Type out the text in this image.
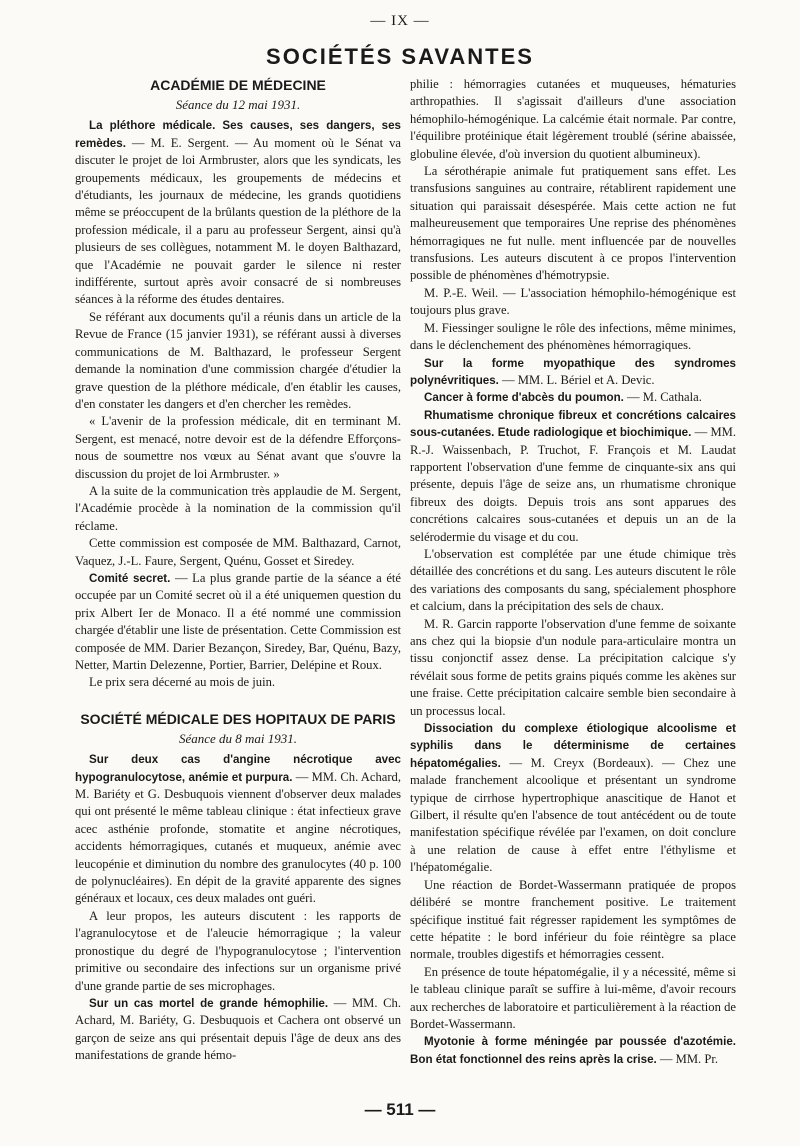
— IX —
SOCIÉTÉS SAVANTES
ACADÉMIE DE MÉDECINE
Séance du 12 mai 1931.

La pléthore médicale. Ses causes, ses dangers, ses remèdes. — M. E. Sergent. — Au moment où le Sénat va discuter le projet de loi Armbruster, alors que les syndicats, les groupements médicaux, les groupements de médecins et d'étudiants, les journaux de médecine, les grands quotidiens même se préoccupent de la brûlants question de la pléthore de la profession médicale, il a paru au professeur Sergent, ainsi qu'à plusieurs de ses collègues, notamment M. le doyen Balthazard, que l'Académie ne pouvait garder le silence ni rester indifférente, surtout après avoir consacré de si nombreuses séances à la réforme des études dentaires.

Se référant aux documents qu'il a réunis dans un article de la Revue de France (15 janvier 1931), se référant aussi à diverses communications de M. Balthazard, le professeur Sergent demande la nomination d'une commission chargée d'étudier la grave question de la pléthore médicale, d'en établir les causes, d'en constater les dangers et d'en chercher les remèdes.

« L'avenir de la profession médicale, dit en terminant M. Sergent, est menacé, notre devoir est de la défendre Efforçons-nous de soumettre nos vœux au Sénat avant que s'ouvre la discussion du projet de loi Armbruster. »

A la suite de la communication très applaudie de M. Sergent, l'Académie procède à la nomination de la commission qu'il réclame.

Cette commission est composée de MM. Balthazard, Carnot, Vaquez, J.-L. Faure, Sergent, Quénu, Gosset et Siredey.

Comité secret. — La plus grande partie de la séance a été occupée par un Comité secret où il a été uniquemen question du prix Albert Ier de Monaco. Il a été nommé une commission chargée d'établir une liste de présentation. Cette Commission est composée de MM. Darier Bezançon, Siredey, Bar, Quénu, Bazy, Netter, Martin Delezenne, Portier, Barrier, Delépine et Roux.

Le prix sera décerné au mois de juin.

SOCIÉTÉ MÉDICALE DES HOPITAUX DE PARIS
Séance du 8 mai 1931.

Sur deux cas d'angine nécrotique avec hypogranulocytose, anémie et purpura. — MM. Ch. Achard, M. Bariéty et G. Desbuquois viennent d'observer deux malades qui ont présenté le même tableau clinique : état infectieux grave acec asthénie profonde, stomatite et angine nécrotiques, accidents hémorragiques, cutanés et muqueux, anémie avec leucopénie et diminution du nombre des granulocytes (40 p. 100 de polynucléaires). En dépit de la gravité apparente des signes généraux et locaux, ces deux malades ont guéri.

A leur propos, les auteurs discutent : les rapports de l'agranulocytose et de l'aleucie hémorragique ; la valeur pronostique du degré de l'hypogranulocytose ; l'intervention primitive ou secondaire des infections sur un organisme privé d'une grande partie de ses microphages.

Sur un cas mortel de grande hémophilie. — MM. Ch. Achard, M. Bariéty, G. Desbuquois et Cachera ont observé un garçon de seize ans qui présentait depuis l'âge de deux ans des manifestations de grande hémo-

philie : hémorragies cutanées et muqueuses, hématuries arthropathies. Il s'agissait d'ailleurs d'une association hémophilo-hémogénique. La calcémie était normale. Par contre, l'équilibre protéinique était légèrement troublé (sérine abaissée, globuline élevée, d'où inversion du quotient albumineux).

La sérothérapie animale fut pratiquement sans effet. Les transfusions sanguines au contraire, rétablirent rapidement une situation qui paraissait désespérée. Mais cette action ne fut malheureusement que temporaires Une reprise des phénomènes hémorragiques ne fut nulle. ment influencée par de nouvelles transfusions. Les auteurs discutent à ce propos l'intervention possible de phénomènes d'hémotrypsie.

M. P.-E. Weil. — L'association hémophilo-hémogénique est toujours plus grave.

M. Fiessinger souligne le rôle des infections, même minimes, dans le déclenchement des phénomènes hémorragiques.

Sur la forme myopathique des syndromes polynévritiques. — MM. L. Bériel et A. Devic.

Cancer à forme d'abcès du poumon. — M. Cathala.

Rhumatisme chronique fibreux et concrétions calcaires sous-cutanées. Etude radiologique et biochimique. — MM. R.-J. Waissenbach, P. Truchot, F. François et M. Laudat rapportent l'observation d'une femme de cinquante-six ans qui présente, depuis l'âge de seize ans, un rhumatisme chronique fibreux des doigts. Depuis trois ans sont apparues des concrétions calcaires sous-cutanées et depuis un an de la selérodermie du visage et du cou.

L'observation est complétée par une étude chimique très détaillée des concrétions et du sang. Les auteurs discutent le rôle des variations des composants du sang, spécialement phosphore et calcium, dans la précipitation des sels de chaux.

M. R. Garcin rapporte l'observation d'une femme de soixante ans chez qui la biopsie d'un nodule para-articulaire montra un tissu conjonctif assez dense. La précipitation calcique s'y révélait sous forme de petits grains piqués comme les akènes sur une fraise. Cette précipitation calcaire semble bien secondaire à un processus local.

Dissociation du complexe étiologique alcoolisme et syphilis dans le déterminisme de certaines hépatomégalies. — M. Creyx (Bordeaux). — Chez une malade franchement alcoolique et présentant un syndrome typique de cirrhose hypertrophique anascitique de Hanot et Gilbert, il résulte qu'en l'absence de tout antécédent ou de toute manifestation spécifique révélée par l'examen, on doit conclure à une relation de cause à effet entre l'éthylisme et l'hépatomégalie.

Une réaction de Bordet-Wassermann pratiquée de propos délibéré se montre franchement positive. Le traitement spécifique institué fait régresser rapidement les symptômes de cette hépatite : le bord inférieur du foie réintègre sa place normale, troubles digestifs et hémorragies cessent.

En présence de toute hépatomégalie, il y a nécessité, même si le tableau clinique paraît se suffire à lui-même, d'avoir recours aux recherches de laboratoire et particulièrement à la réaction de Bordet-Wassermann.

Myotonie à forme méningée par poussée d'azotémie. Bon état fonctionnel des reins après la crise. — MM. Pr.

— 511 —
